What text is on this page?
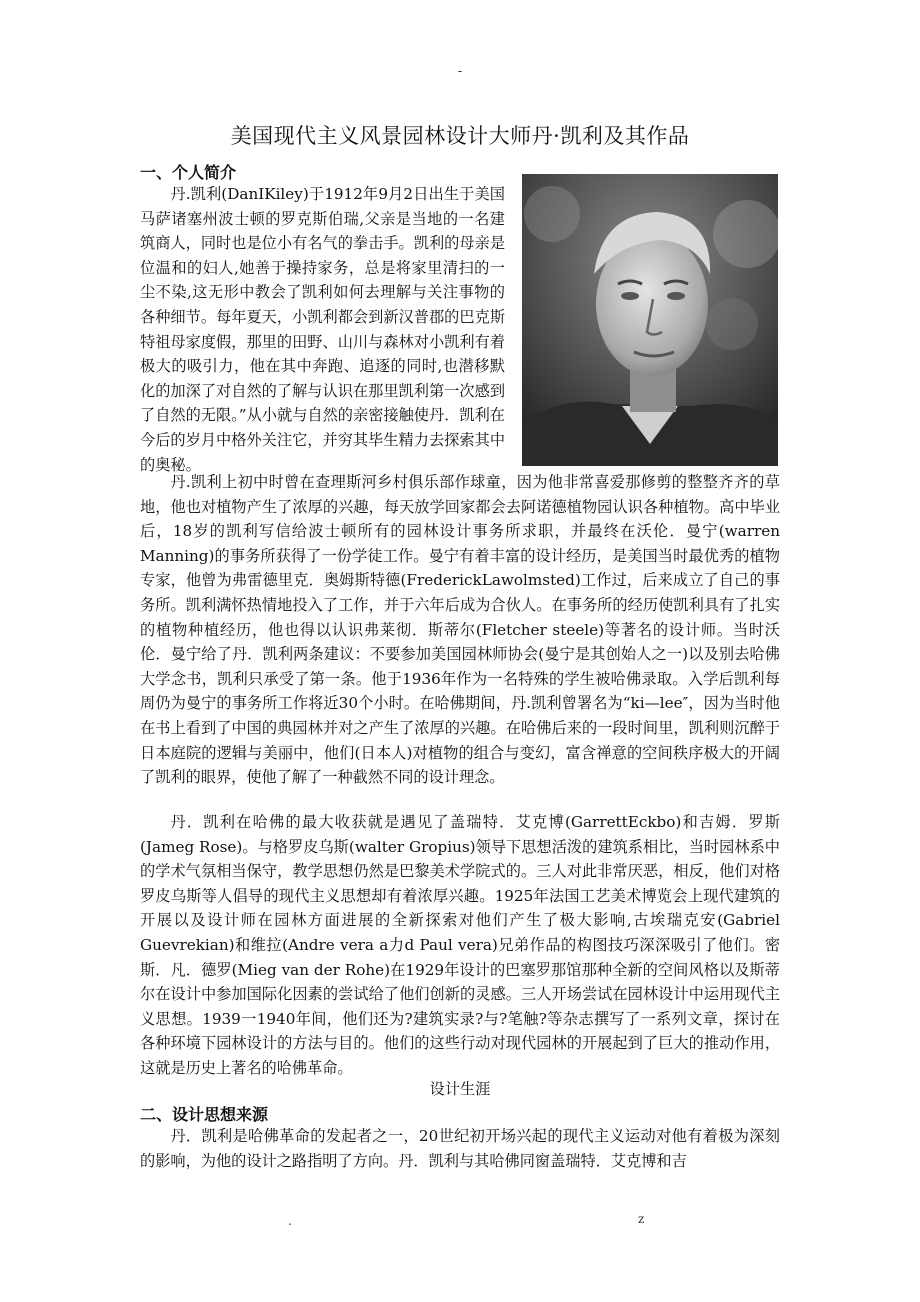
-
美国现代主义风景园林设计大师丹·凯利及其作品
一、个人简介

丹.凯利(DanIKiley)于1912年9月2日出生于美国马萨诸塞州波士顿的罗克斯伯瑞,父亲是当地的一名建筑商人，同时也是位小有名气的拳击手。凯利的母亲是位温和的妇人,她善于操持家务，总是将家里清扫的一尘不染,这无形中教会了凯利如何去理解与关注事物的各种细节。每年夏天，小凯利都会到新汉普郡的巴克斯特祖母家度假，那里的田野、山川与森林对小凯利有着极大的吸引力，他在其中奔跑、追逐的同时,也潜移默化的加深了对自然的了解与认识在那里凯利第一次感到了自然的无限。”从小就与自然的亲密接触使丹．凯利在今后的岁月中格外关注它，并穷其毕生精力去探索其中的奥秘。

丹.凯利上初中时曾在查理斯河乡村俱乐部作球童，因为他非常喜爱那修剪的整整齐齐的草地，他也对植物产生了浓厚的兴趣，每天放学回家都会去阿诺德植物园认识各种植物。高中毕业后，18岁的凯利写信给波士顿所有的园林设计事务所求职，并最终在沃伦．曼宁(warren Manning)的事务所获得了一份学徒工作。曼宁有着丰富的设计经历，是美国当时最优秀的植物专家，他曾为弗雷德里克．奥姆斯特德(FrederickLawolmsted)工作过，后来成立了自己的事务所。凯利满怀热情地投入了工作，并于六年后成为合伙人。在事务所的经历使凯利具有了扎实的植物种植经历，他也得以认识弗莱彻．斯蒂尔(Fletcher steele)等著名的设计师。当时沃伦．曼宁给了丹．凯利两条建议：不要参加美国园林师协会(曼宁是其创始人之一)以及别去哈佛大学念书，凯利只承受了第一条。他于1936年作为一名特殊的学生被哈佛录取。入学后凯利每周仍为曼宁的事务所工作将近30个小时。在哈佛期间，丹.凯利曾署名为“ki—lee″，因为当时他在书上看到了中国的典园林并对之产生了浓厚的兴趣。在哈佛后来的一段时间里，凯利则沉醉于日本庭院的逻辑与美丽中，他们(日本人)对植物的组合与变幻，富含禅意的空间秩序极大的开阔了凯利的眼界，使他了解了一种截然不同的设计理念。

丹．凯利在哈佛的最大收获就是遇见了盖瑞特．艾克博(GarrettEckbo)和吉姆．罗斯(Jameg Rose)。与格罗皮乌斯(walter Gropius)领导下思想活泼的建筑系相比，当时园林系中的学术气氛相当保守，教学思想仍然是巴黎美术学院式的。三人对此非常厌恶，相反，他们对格罗皮乌斯等人倡导的现代主义思想却有着浓厚兴趣。1925年法国工艺美术博览会上现代建筑的开展以及设计师在园林方面进展的全新探索对他们产生了极大影响,古埃瑞克安(Gabriel Guevrekian)和维拉(Andre vera a力d Paul vera)兄弟作品的构图技巧深深吸引了他们。密斯．凡．德罗(Mieg van der Rohe)在1929年设计的巴塞罗那馆那种全新的空间风格以及斯蒂尔在设计中参加国际化因素的尝试给了他们创新的灵感。三人开场尝试在园林设计中运用现代主义思想。1939一1940年间，他们还为?建筑实录?与?笔触?等杂志撰写了一系列文章，探讨在各种环境下园林设计的方法与目的。他们的这些行动对现代园林的开展起到了巨大的推动作用，这就是历史上著名的哈佛革命。

设计生涯
二、设计思想来源

丹．凯利是哈佛革命的发起者之一，20世纪初开场兴起的现代主义运动对他有着极为深刻的影响，为他的设计之路指明了方向。丹．凯利与其哈佛同窗盖瑞特．艾克博和吉

.	z
